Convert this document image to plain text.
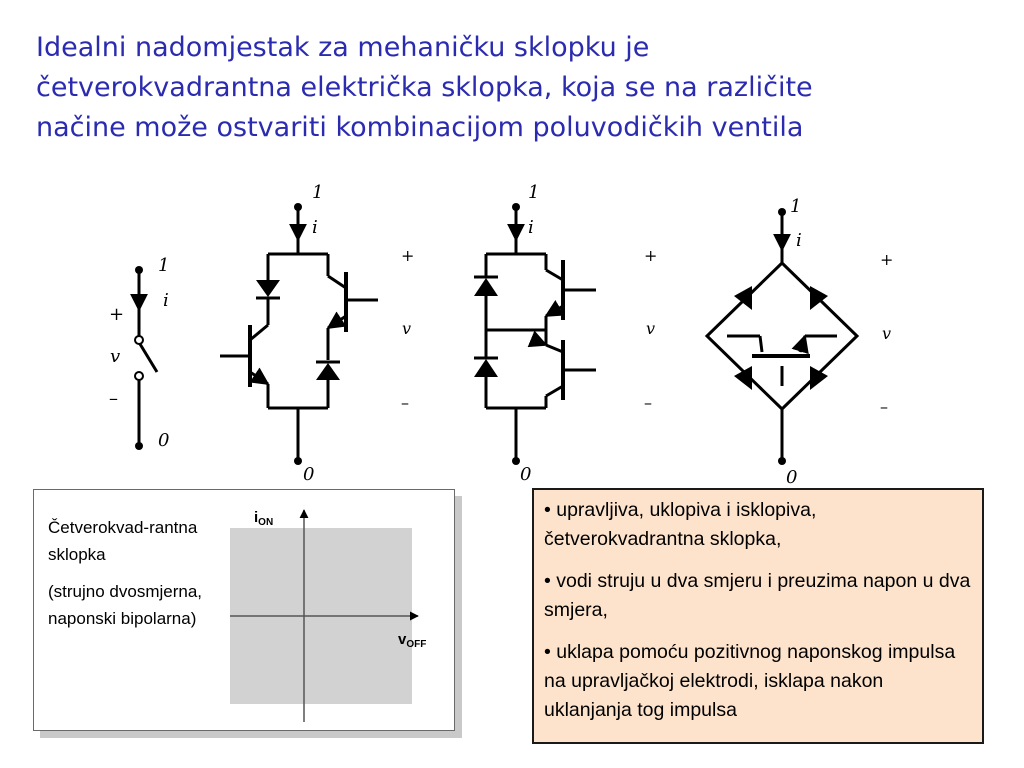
Idealni nadomjestak za mehaničku sklopku je
četverokvadrantna električka sklopka, koja se na različite
načine može ostvariti kombinacijom poluvodičkih ventila
1
i
+
v
–
0
1
i
+
v
–
0
1
i
+
v
–
0
1
i
+
v
–
0
$i_{ON}$
$v_{OFF}$

Četverokvad-rantna sklopka

(strujno dvosmjerna, naponski bipolarna)

• upravljiva, uklopiva i isklopiva, četverokvadrantna sklopka,
• vodi struju u dva smjeru i preuzima napon u dva smjera,
• uklapa pomoću pozitivnog naponskog impulsa na upravljačkoj elektrodi, isklapa nakon uklanjanja tog impulsa
